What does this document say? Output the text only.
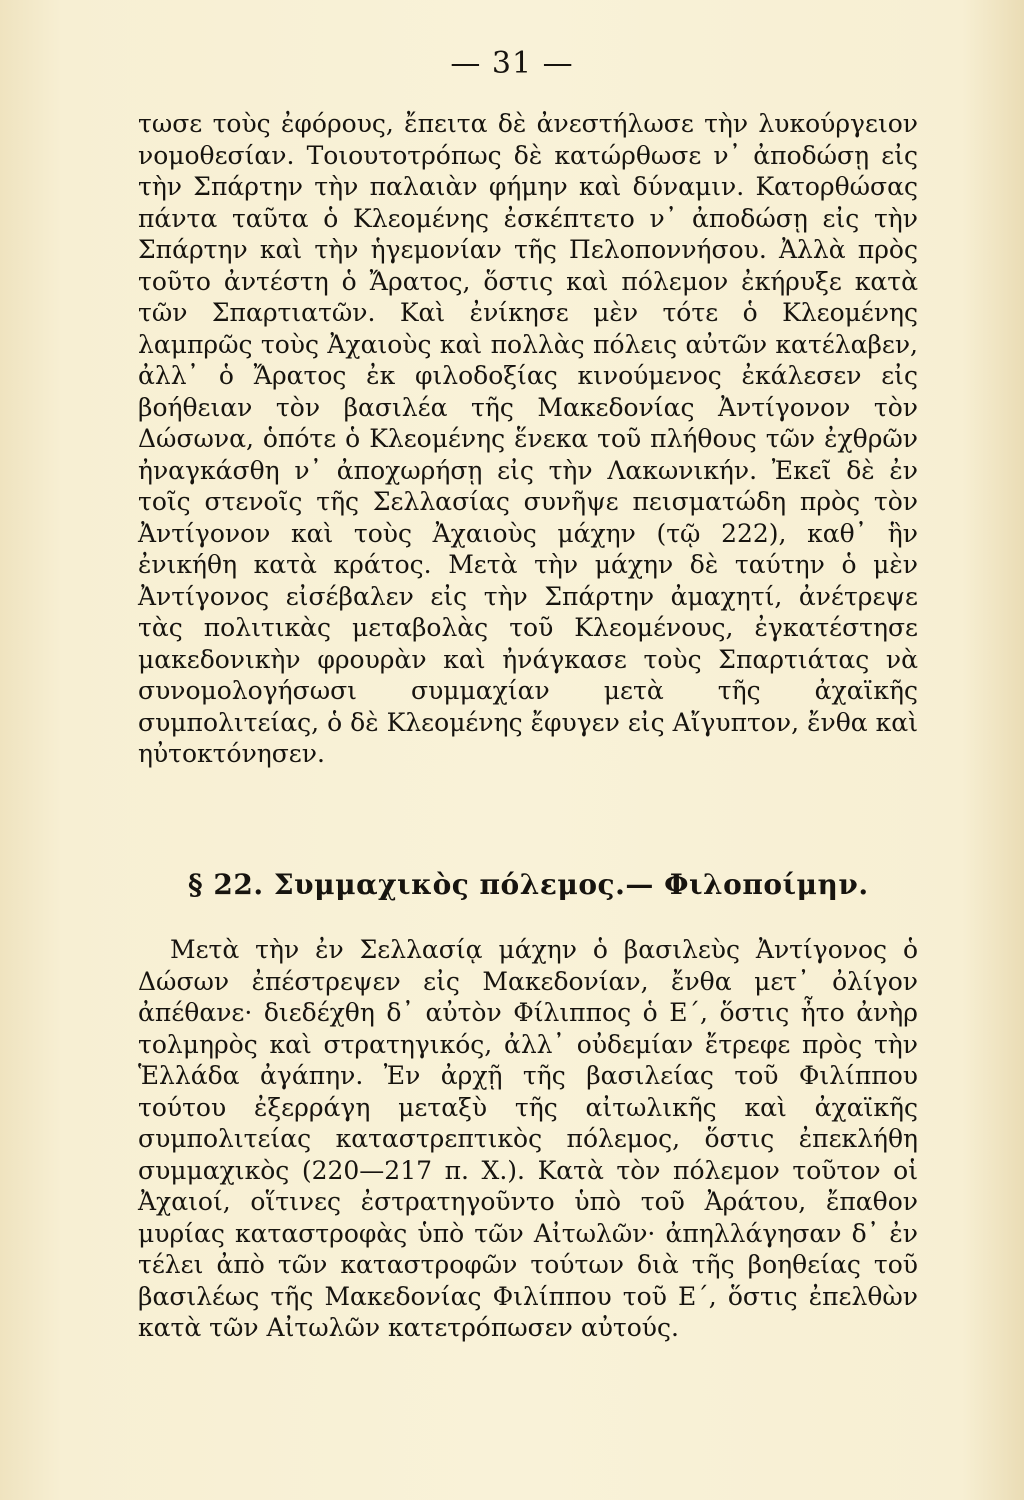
— 31 —
τωσε τοὺς ἐφόρους, ἔπειτα δὲ ἀνεστήλωσε τὴν λυκούργειον νομοθεσίαν. Τοιουτοτρόπως δὲ κατώρθωσε ν᾽ ἀποδώσῃ εἰς τὴν Σπάρτην τὴν παλαιὰν φήμην καὶ δύναμιν. Κατορθώσας πάντα ταῦτα ὁ Κλεομένης ἐσκέπτετο ν᾽ ἀποδώσῃ εἰς τὴν Σπάρτην καὶ τὴν ἡγεμονίαν τῆς Πελοποννήσου. Ἀλλὰ πρὸς τοῦτο ἀντέστη ὁ Ἄρατος, ὅστις καὶ πόλεμον ἐκήρυξε κατὰ τῶν Σπαρτιατῶν. Καὶ ἐνίκησε μὲν τότε ὁ Κλεομένης λαμπρῶς τοὺς Ἀχαιοὺς καὶ πολλὰς πόλεις αὐτῶν κατέλαβεν, ἀλλ᾽ ὁ Ἄρατος ἐκ φιλοδοξίας κινούμενος ἐκάλεσεν εἰς βοήθειαν τὸν βασιλέα τῆς Μακεδονίας Ἀντίγονον τὸν Δώσωνα, ὁπότε ὁ Κλεομένης ἕνεκα τοῦ πλήθους τῶν ἐχθρῶν ἠναγκάσθη ν᾽ ἀποχωρήσῃ εἰς τὴν Λακωνικήν. Ἐκεῖ δὲ ἐν τοῖς στενοῖς τῆς Σελλασίας συνῆψε πεισματώδη πρὸς τὸν Ἀντίγονον καὶ τοὺς Ἀχαιοὺς μάχην (τῷ 222), καθ᾽ ἣν ἐνικήθη κατὰ κράτος. Μετὰ τὴν μάχην δὲ ταύτην ὁ μὲν Ἀντίγονος εἰσέβαλεν εἰς τὴν Σπάρτην ἀμαχητί, ἀνέτρεψε τὰς πολιτικὰς μεταβολὰς τοῦ Κλεομένους, ἐγκατέστησε μακεδονικὴν φρουρὰν καὶ ἠνάγκασε τοὺς Σπαρτιάτας νὰ συνομολογήσωσι συμμαχίαν μετὰ τῆς ἀχαϊκῆς συμπολιτείας, ὁ δὲ Κλεομένης ἔφυγεν εἰς Αἴγυπτον, ἔνθα καὶ ηὐτοκτόνησεν.
§ 22. Συμμαχικὸς πόλεμος.— Φιλοποίμην.
Μετὰ τὴν ἐν Σελλασίᾳ μάχην ὁ βασιλεὺς Ἀντίγονος ὁ Δώσων ἐπέστρεψεν εἰς Μακεδονίαν, ἔνθα μετ᾽ ὀλίγον ἀπέθανε· διεδέχθη δ᾽ αὐτὸν Φίλιππος ὁ Ε΄, ὅστις ἦτο ἀνὴρ τολμηρὸς καὶ στρατηγικός, ἀλλ᾽ οὐδεμίαν ἔτρεφε πρὸς τὴν Ἑλλάδα ἀγάπην. Ἐν ἀρχῇ τῆς βασιλείας τοῦ Φιλίππου τούτου ἐξερράγη μεταξὺ τῆς αἰτωλικῆς καὶ ἀχαϊκῆς συμπολιτείας καταστρεπτικὸς πόλεμος, ὅστις ἐπεκλήθη συμμαχικὸς (220—217 π. Χ.). Κατὰ τὸν πόλεμον τοῦτον οἱ Ἀχαιοί, οἵτινες ἐστρατηγοῦντο ὑπὸ τοῦ Ἀράτου, ἔπαθον μυρίας καταστροφὰς ὑπὸ τῶν Αἰτωλῶν· ἀπηλλάγησαν δ᾽ ἐν τέλει ἀπὸ τῶν καταστροφῶν τούτων διὰ τῆς βοηθείας τοῦ βασιλέως τῆς Μακεδονίας Φιλίππου τοῦ Ε΄, ὅστις ἐπελθὼν κατὰ τῶν Αἰτωλῶν κατετρόπωσεν αὐτούς.
